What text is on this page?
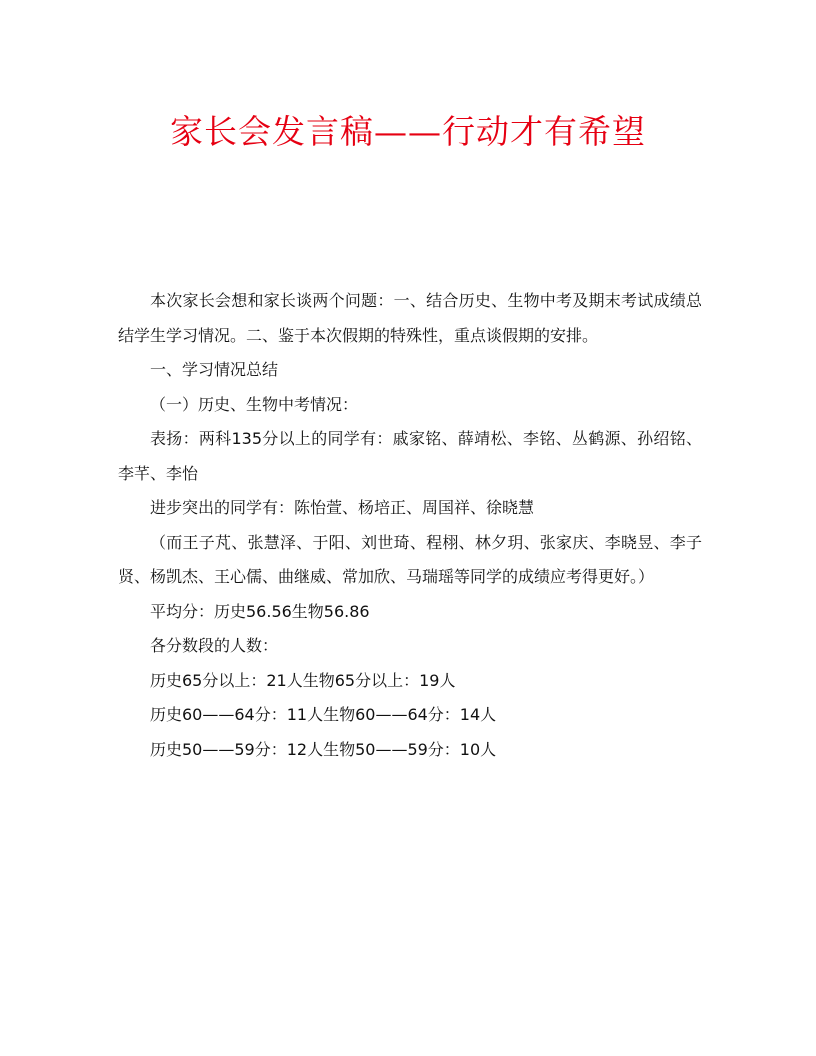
家长会发言稿——行动才有希望

本次家长会想和家长谈两个问题：一、结合历史、生物中考及期末考试成绩总结学生学习情况。二、鉴于本次假期的特殊性，重点谈假期的安排。

一、学习情况总结

（一）历史、生物中考情况：

表扬：两科135分以上的同学有：戚家铭、薛靖松、李铭、丛鹤源、孙绍铭、李芊、李怡

进步突出的同学有：陈怡萱、杨培正、周国祥、徐晓慧

（而王子芃、张慧泽、于阳、刘世琦、程栩、林夕玥、张家庆、李晓昱、李子贤、杨凯杰、王心儒、曲继威、常加欣、马瑞瑶等同学的成绩应考得更好。）

平均分：历史56.56生物56.86

各分数段的人数：

历史65分以上：21人生物65分以上：19人

历史60——64分：11人生物60——64分：14人

历史50——59分：12人生物50——59分：10人
